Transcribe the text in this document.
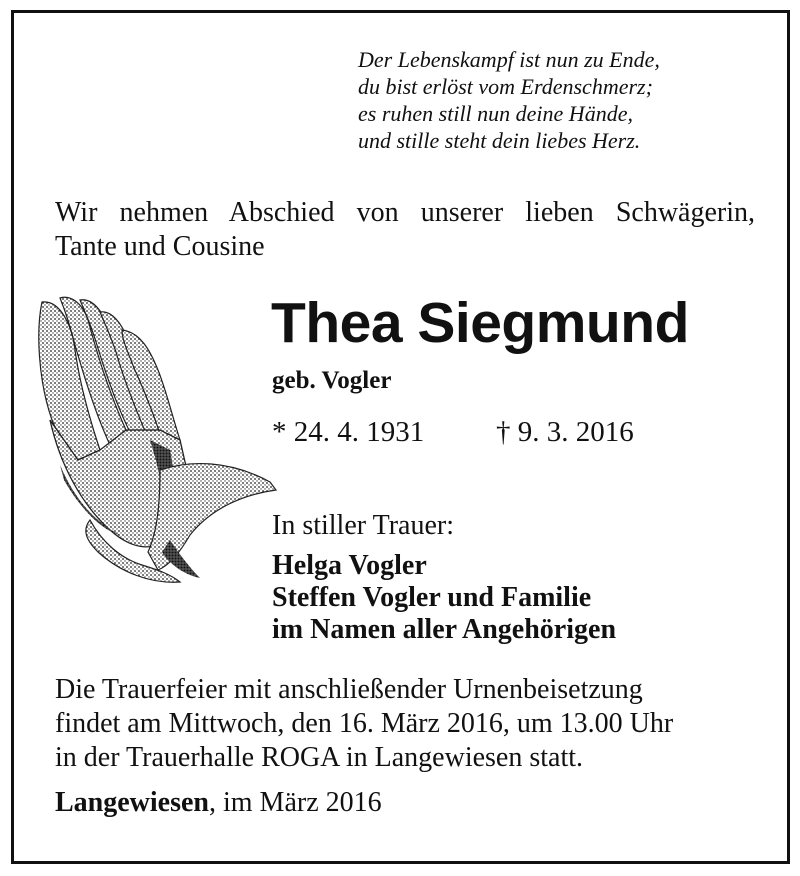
Der Lebenskampf ist nun zu Ende,
du bist erlöst vom Erdenschmerz;
es ruhen still nun deine Hände,
und stille steht dein liebes Herz.
Wir nehmen Abschied von unserer lieben Schwägerin,
Tante und Cousine
Thea Siegmund
geb. Vogler
* 24. 4. 1931 † 9. 3. 2016
In stiller Trauer:
Helga Vogler
Steffen Vogler und Familie
im Namen aller Angehörigen
Die Trauerfeier mit anschließender Urnenbeisetzung
findet am Mittwoch, den 16. März 2016, um 13.00 Uhr
in der Trauerhalle ROGA in Langewiesen statt.
Langewiesen, im März 2016
